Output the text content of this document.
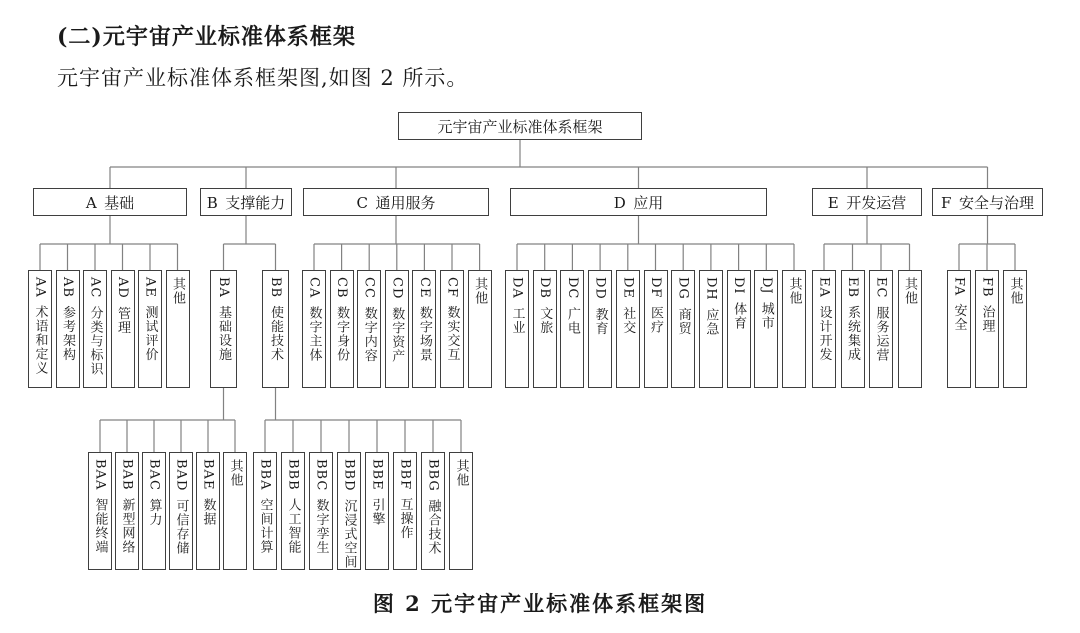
(二)元宇宙产业标准体系框架
元宇宙产业标准体系框架图,如图 2 所示。
图 2 元宇宙产业标准体系框架图
元宇宙产业标准体系框架
A  基础
AA 术语和定义
AB 参考架构
AC 分类与标识
AD 管理
AE 测试评价
其他
B  支撑能力
BA 基础设施
BAA 智能终端
BAB 新型网络
BAC 算力
BAD 可信存储
BAE 数据
其他
BB 使能技术
BBA 空间计算
BBB 人工智能
BBC 数字孪生
BBD 沉浸式空间
BBE 引擎
BBF 互操作
BBG 融合技术
其他
C  通用服务
CA 数字主体
CB 数字身份
CC 数字内容
CD 数字资产
CE 数字场景
CF 数实交互
其他
D  应用
DA 工业
DB 文旅
DC 广电
DD 教育
DE 社交
DF 医疗
DG 商贸
DH 应急
DI 体育
DJ 城市
其他
E  开发运营
EA 设计开发
EB 系统集成
EC 服务运营
其他
F  安全与治理
FA 安全
FB 治理
其他
